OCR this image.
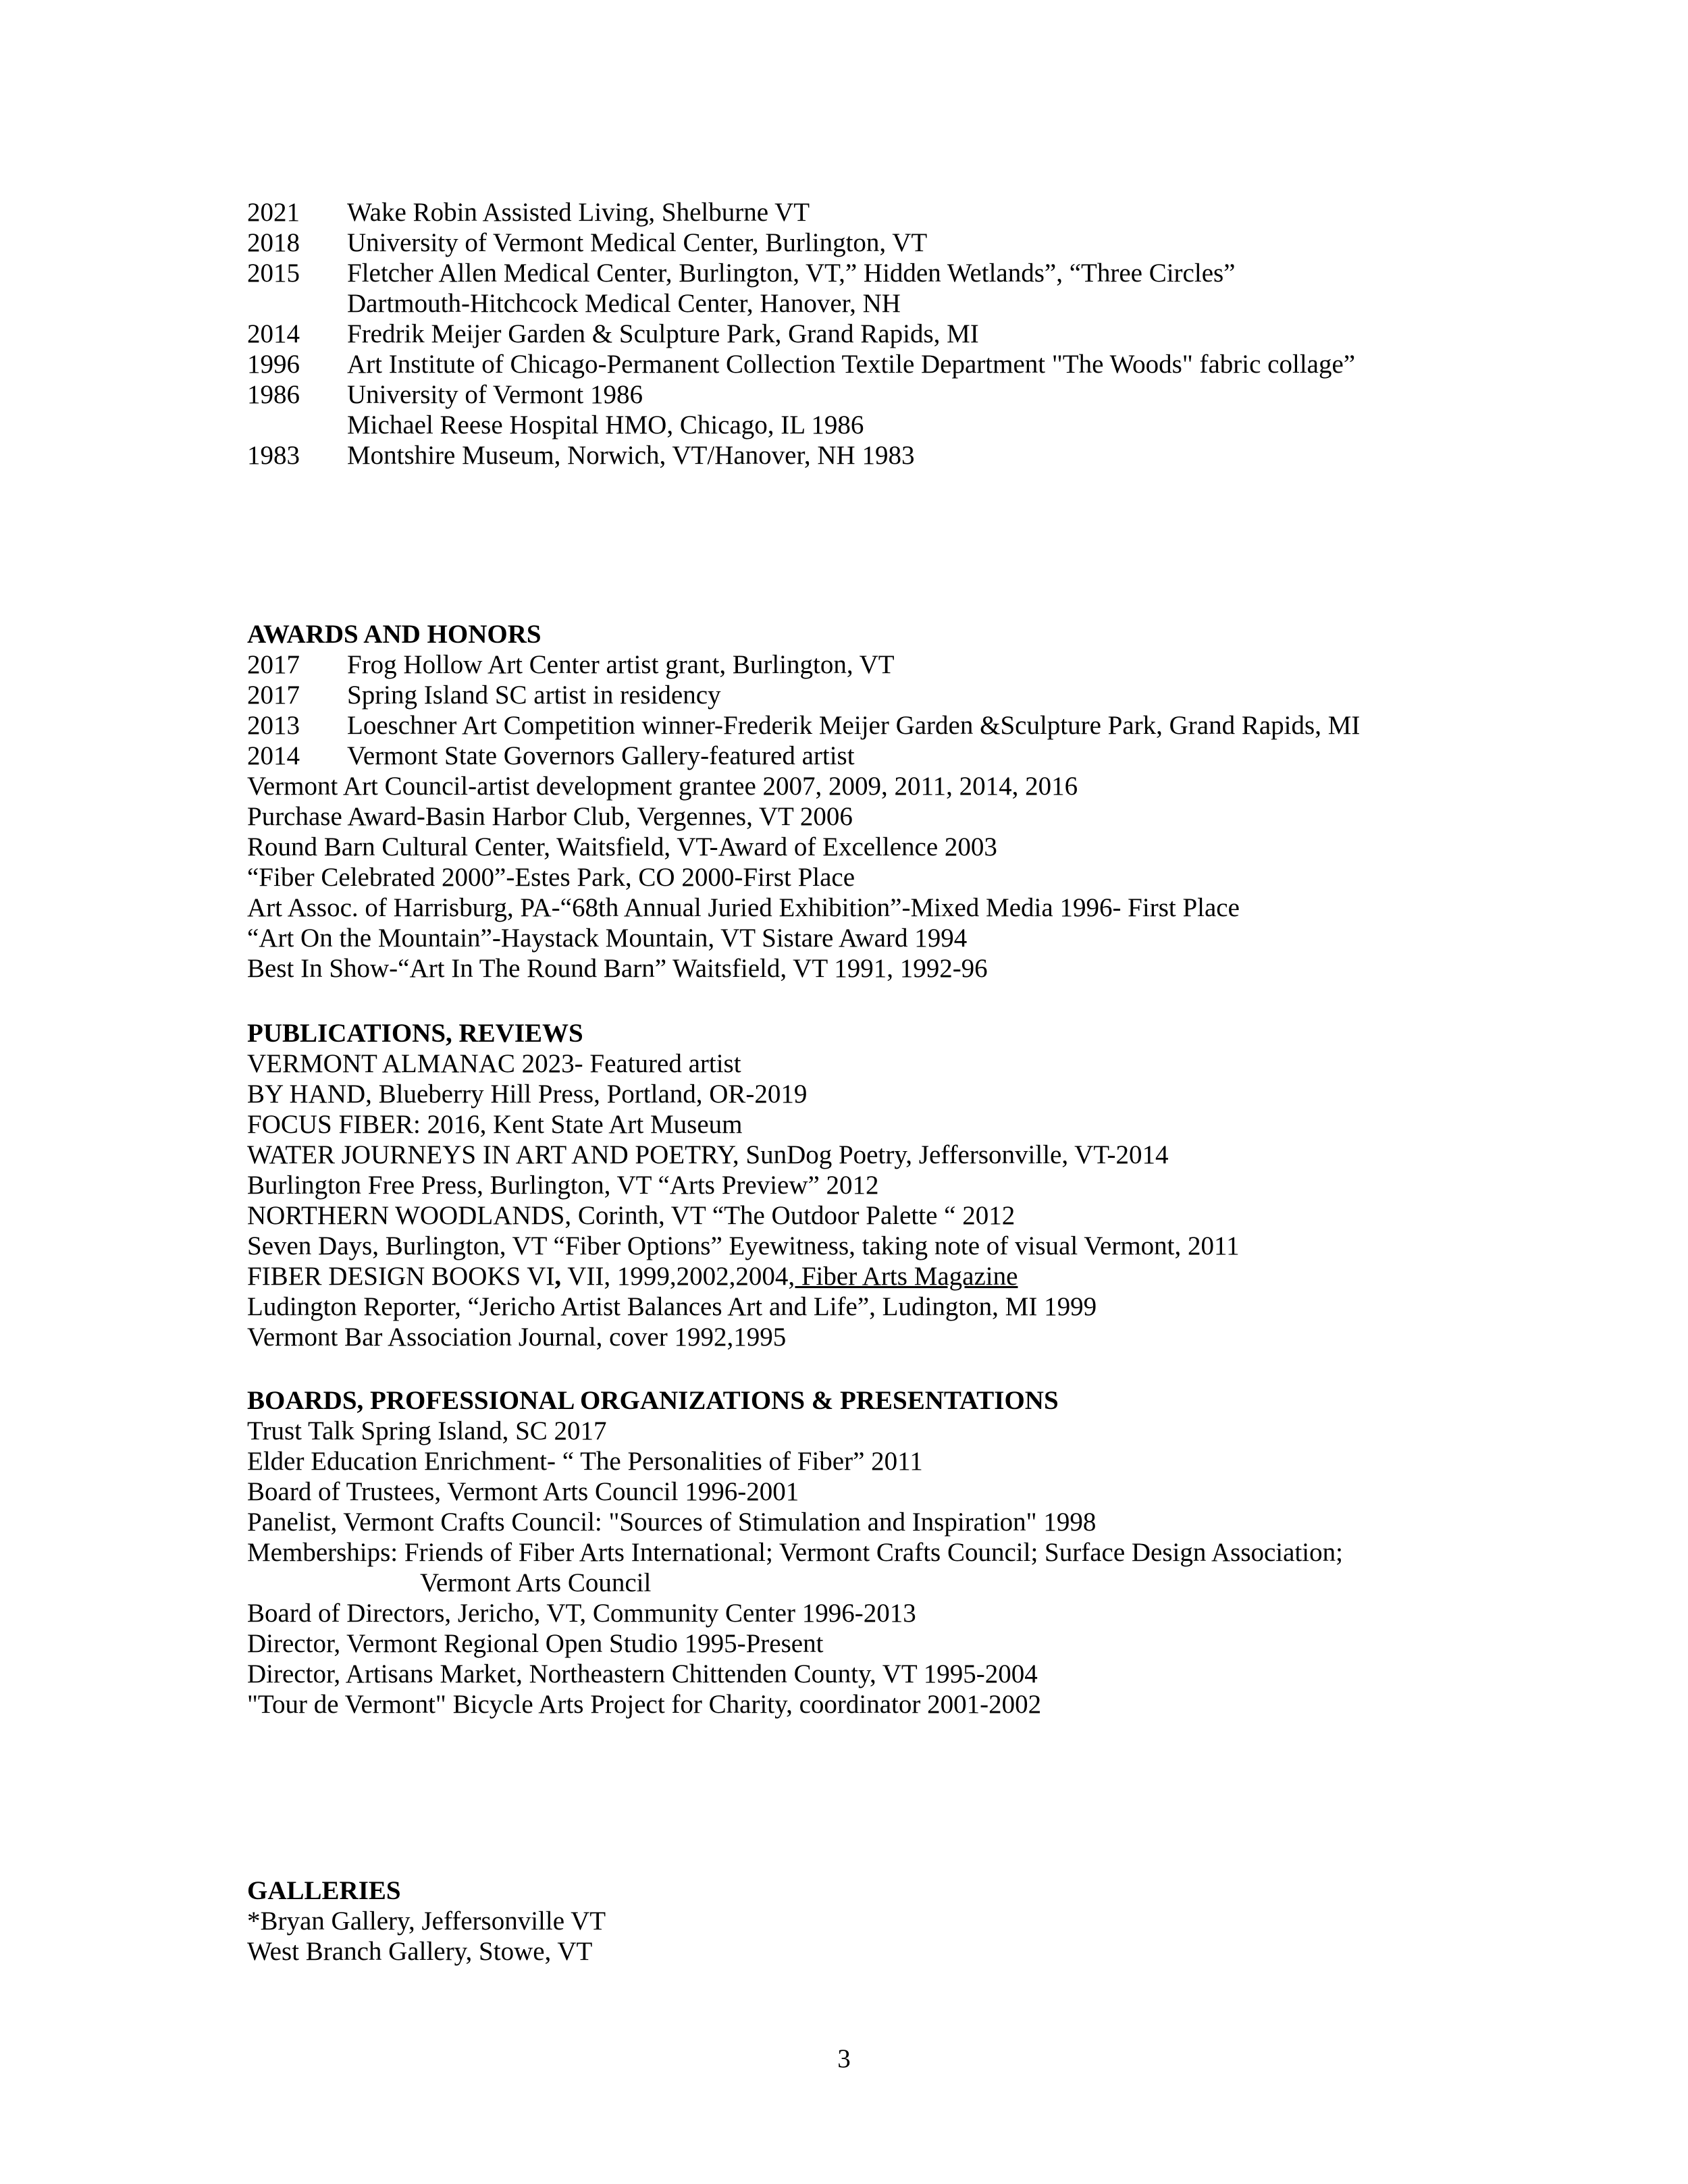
2021 Wake Robin Assisted Living, Shelburne VT
2018 University of Vermont Medical Center, Burlington, VT
2015 Fletcher Allen Medical Center, Burlington, VT,” Hidden Wetlands”, “Three Circles”
Dartmouth-Hitchcock Medical Center, Hanover, NH
2014 Fredrik Meijer Garden & Sculpture Park, Grand Rapids, MI
1996 Art Institute of Chicago-Permanent Collection Textile Department "The Woods" fabric collage”
1986 University of Vermont 1986
Michael Reese Hospital HMO, Chicago, IL 1986
1983 Montshire Museum, Norwich, VT/Hanover, NH 1983
AWARDS AND HONORS
2017 Frog Hollow Art Center artist grant, Burlington, VT
2017 Spring Island SC artist in residency
2013 Loeschner Art Competition winner-Frederik Meijer Garden &Sculpture Park, Grand Rapids, MI
2014 Vermont State Governors Gallery-featured artist
Vermont Art Council-artist development grantee 2007, 2009, 2011, 2014, 2016
Purchase Award-Basin Harbor Club, Vergennes, VT 2006
Round Barn Cultural Center, Waitsfield, VT-Award of Excellence 2003
“Fiber Celebrated 2000”-Estes Park, CO 2000-First Place
Art Assoc. of Harrisburg, PA-“68th Annual Juried Exhibition”-Mixed Media 1996- First Place
“Art On the Mountain”-Haystack Mountain, VT Sistare Award 1994
Best In Show-“Art In The Round Barn” Waitsfield, VT 1991, 1992-96
PUBLICATIONS, REVIEWS
VERMONT ALMANAC 2023- Featured artist
BY HAND, Blueberry Hill Press, Portland, OR-2019
FOCUS FIBER: 2016, Kent State Art Museum
WATER JOURNEYS IN ART AND POETRY, SunDog Poetry, Jeffersonville, VT-2014
Burlington Free Press, Burlington, VT “Arts Preview” 2012
NORTHERN WOODLANDS, Corinth, VT “The Outdoor Palette “ 2012
Seven Days, Burlington, VT “Fiber Options” Eyewitness, taking note of visual Vermont, 2011
FIBER DESIGN BOOKS VI, VII, 1999,2002,2004, Fiber Arts Magazine
Ludington Reporter, “Jericho Artist Balances Art and Life”, Ludington, MI 1999
Vermont Bar Association Journal, cover 1992,1995
BOARDS, PROFESSIONAL ORGANIZATIONS & PRESENTATIONS
Trust Talk Spring Island, SC 2017
Elder Education Enrichment- “ The Personalities of Fiber” 2011
Board of Trustees, Vermont Arts Council 1996-2001
Panelist, Vermont Crafts Council: "Sources of Stimulation and Inspiration" 1998
Memberships: Friends of Fiber Arts International; Vermont Crafts Council; Surface Design Association;
Vermont Arts Council
Board of Directors, Jericho, VT, Community Center 1996-2013
Director, Vermont Regional Open Studio 1995-Present
Director, Artisans Market, Northeastern Chittenden County, VT 1995-2004
"Tour de Vermont" Bicycle Arts Project for Charity, coordinator 2001-2002
GALLERIES
*Bryan Gallery, Jeffersonville VT
West Branch Gallery, Stowe, VT
3
